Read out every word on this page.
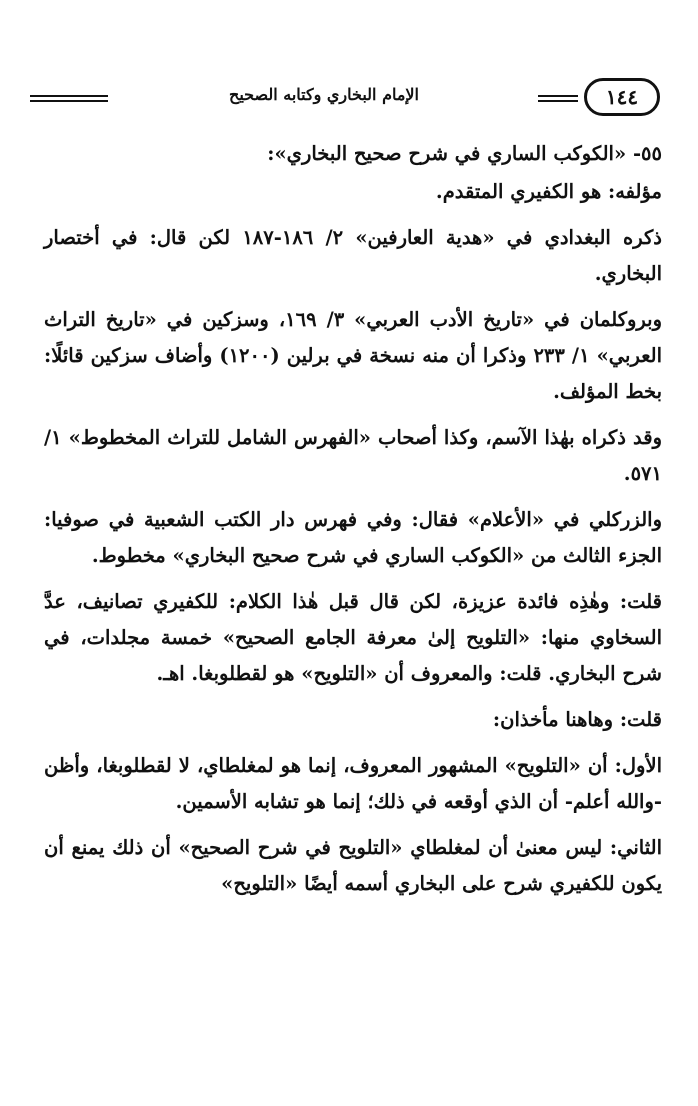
١٤٤
الإمام البخاري وكتابه الصحيح

٥٥- «الكوكب الساري في شرح صحيح البخاري»:

مؤلفه: هو الكفيري المتقدم.

ذكره البغدادي في «هدية العارفين» ٢/ ١٨٦-١٨٧ لكن قال: في أختصار البخاري.

وبروكلمان في «تاريخ الأدب العربي» ٣/ ١٦٩، وسزكين في «تاريخ التراث العربي» ١/ ٢٣٣ وذكرا أن منه نسخة في برلين (١٢٠٠) وأضاف سزكين قائلًا: بخط المؤلف.

وقد ذكراه بهٰذا الآسم، وكذا أصحاب «الفهرس الشامل للتراث المخطوط» ١/ ٥٧١.

والزركلي في «الأعلام» فقال: وفي فهرس دار الكتب الشعبية في صوفيا: الجزء الثالث من «الكوكب الساري في شرح صحيح البخاري» مخطوط.

قلت: وهٰذِه فائدة عزيزة، لكن قال قبل هٰذا الكلام: للكفيري تصانيف، عدَّ السخاوي منها: «التلويح إلىٰ معرفة الجامع الصحيح» خمسة مجلدات، في شرح البخاري. قلت: والمعروف أن «التلويح» هو لقطلوبغا. اهـ.

قلت: وهاهنا مأخذان:

الأول: أن «التلويح» المشهور المعروف، إنما هو لمغلطاي، لا لقطلوبغا، وأظن -والله أعلم- أن الذي أوقعه في ذلك؛ إنما هو تشابه الأسمين.

الثاني: ليس معنىٰ أن لمغلطاي «التلويح في شرح الصحيح» أن ذلك يمنع أن يكون للكفيري شرح على البخاري أسمه أيضًا «التلويح»
